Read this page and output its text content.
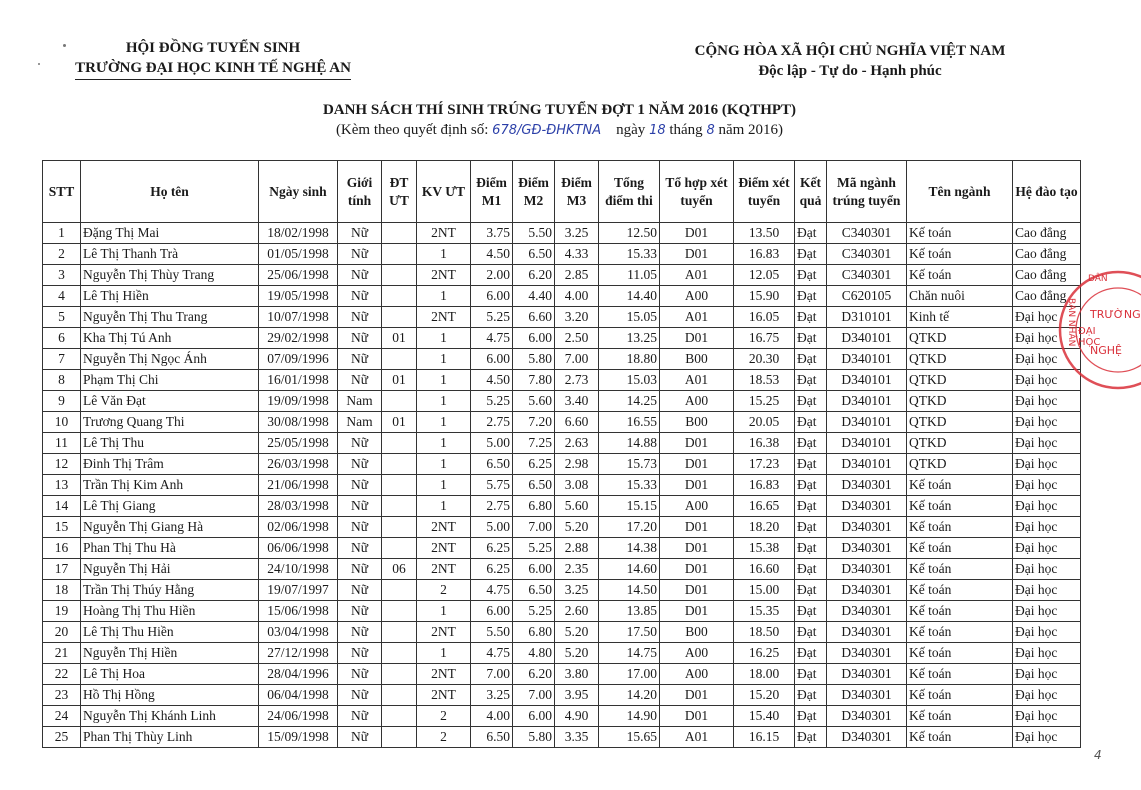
HỘI ĐỒNG TUYỂN SINH
TRƯỜNG ĐẠI HỌC KINH TẾ NGHỆ AN
CỘNG HÒA XÃ HỘI CHỦ NGHĨA VIỆT NAM
Độc lập - Tự do - Hạnh phúc
DANH SÁCH THÍ SINH TRÚNG TUYỂN ĐỢT 1 NĂM 2016 (KQTHPT)
(Kèm theo quyết định số: 678/GĐ-ĐHKTNA ngày 18 tháng 8 năm 2016)
STT	Họ tên	Ngày sinh	Giới tính	ĐT ƯT	KV ƯT	Điểm M1	Điểm M2	Điểm M3	Tổng điểm thi	Tổ hợp xét tuyển	Điểm xét tuyển	Kết quả	Mã ngành trúng tuyển	Tên ngành	Hệ đào tạo
1	Đặng Thị Mai	18/02/1998	Nữ		2NT	3.75	5.50	3.25	12.50	D01	13.50	Đạt	C340301	Kế toán	Cao đẳng
2	Lê Thị Thanh Trà	01/05/1998	Nữ		1	4.50	6.50	4.33	15.33	D01	16.83	Đạt	C340301	Kế toán	Cao đẳng
3	Nguyễn Thị Thùy Trang	25/06/1998	Nữ		2NT	2.00	6.20	2.85	11.05	A01	12.05	Đạt	C340301	Kế toán	Cao đẳng
4	Lê Thị Hiền	19/05/1998	Nữ		1	6.00	4.40	4.00	14.40	A00	15.90	Đạt	C620105	Chăn nuôi	Cao đẳng
5	Nguyễn Thị Thu Trang	10/07/1998	Nữ		2NT	5.25	6.60	3.20	15.05	A01	16.05	Đạt	D310101	Kinh tế	Đại học
6	Kha Thị Tú Anh	29/02/1998	Nữ	01	1	4.75	6.00	2.50	13.25	D01	16.75	Đạt	D340101	QTKD	Đại học
7	Nguyễn Thị Ngọc Ánh	07/09/1996	Nữ		1	6.00	5.80	7.00	18.80	B00	20.30	Đạt	D340101	QTKD	Đại học
8	Phạm Thị Chi	16/01/1998	Nữ	01	1	4.50	7.80	2.73	15.03	A01	18.53	Đạt	D340101	QTKD	Đại học
9	Lê Văn Đạt	19/09/1998	Nam		1	5.25	5.60	3.40	14.25	A00	15.25	Đạt	D340101	QTKD	Đại học
10	Trương Quang Thi	30/08/1998	Nam	01	1	2.75	7.20	6.60	16.55	B00	20.05	Đạt	D340101	QTKD	Đại học
11	Lê Thị Thu	25/05/1998	Nữ		1	5.00	7.25	2.63	14.88	D01	16.38	Đạt	D340101	QTKD	Đại học
12	Đinh Thị Trâm	26/03/1998	Nữ		1	6.50	6.25	2.98	15.73	D01	17.23	Đạt	D340101	QTKD	Đại học
13	Trần Thị Kim Anh	21/06/1998	Nữ		1	5.75	6.50	3.08	15.33	D01	16.83	Đạt	D340301	Kế toán	Đại học
14	Lê Thị Giang	28/03/1998	Nữ		1	2.75	6.80	5.60	15.15	A00	16.65	Đạt	D340301	Kế toán	Đại học
15	Nguyễn Thị Giang Hà	02/06/1998	Nữ		2NT	5.00	7.00	5.20	17.20	D01	18.20	Đạt	D340301	Kế toán	Đại học
16	Phan Thị Thu Hà	06/06/1998	Nữ		2NT	6.25	5.25	2.88	14.38	D01	15.38	Đạt	D340301	Kế toán	Đại học
17	Nguyễn Thị Hải	24/10/1998	Nữ	06	2NT	6.25	6.00	2.35	14.60	D01	16.60	Đạt	D340301	Kế toán	Đại học
18	Trần Thị Thúy Hằng	19/07/1997	Nữ		2	4.75	6.50	3.25	14.50	D01	15.00	Đạt	D340301	Kế toán	Đại học
19	Hoàng Thị Thu Hiền	15/06/1998	Nữ		1	6.00	5.25	2.60	13.85	D01	15.35	Đạt	D340301	Kế toán	Đại học
20	Lê Thị Thu Hiền	03/04/1998	Nữ		2NT	5.50	6.80	5.20	17.50	B00	18.50	Đạt	D340301	Kế toán	Đại học
21	Nguyễn Thị Hiền	27/12/1998	Nữ		1	4.75	4.80	5.20	14.75	A00	16.25	Đạt	D340301	Kế toán	Đại học
22	Lê Thị Hoa	28/04/1996	Nữ		2NT	7.00	6.20	3.80	17.00	A00	18.00	Đạt	D340301	Kế toán	Đại học
23	Hồ Thị Hồng	06/04/1998	Nữ		2NT	3.25	7.00	3.95	14.20	D01	15.20	Đạt	D340301	Kế toán	Đại học
24	Nguyễn Thị Khánh Linh	24/06/1998	Nữ		2	4.00	6.00	4.90	14.90	D01	15.40	Đạt	D340301	Kế toán	Đại học
25	Phan Thị Thùy Linh	15/09/1998	Nữ		2	6.50	5.80	3.35	15.65	A01	16.15	Đạt	D340301	Kế toán	Đại học
DÂN
BAN NHÂN TRƯỜNG
ĐẠI HỌC
NGHỆ
4
